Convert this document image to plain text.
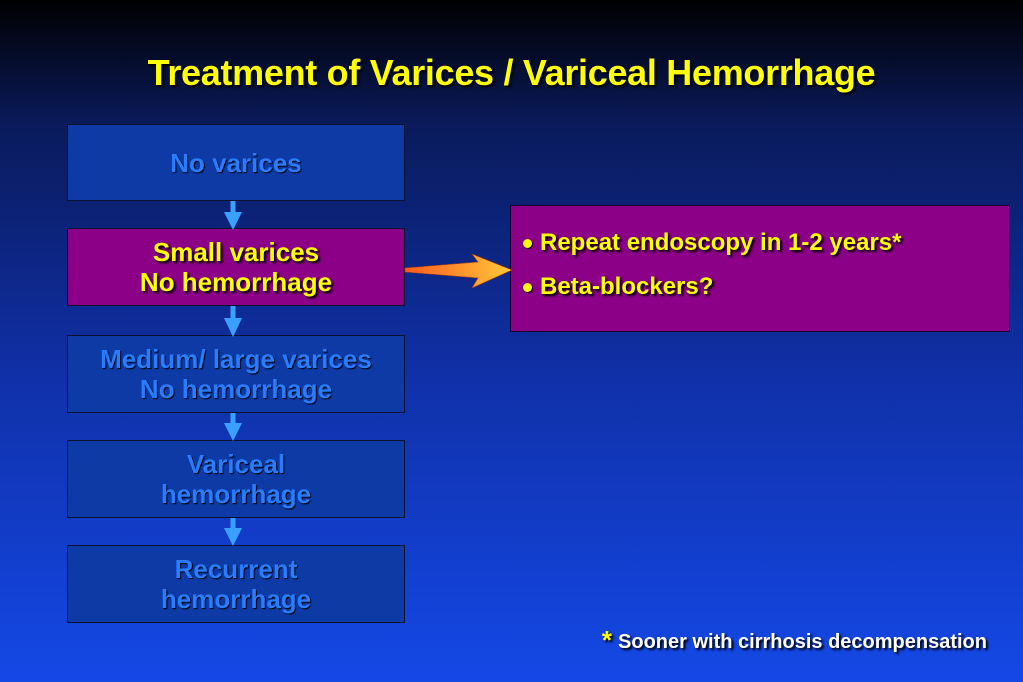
Treatment of Varices / Variceal Hemorrhage
No varices
Small varices
No hemorrhage
Medium/ large varices
No hemorrhage
Variceal
hemorrhage
Recurrent
hemorrhage
Repeat endoscopy in 1-2 years*
Beta-blockers?
* Sooner with cirrhosis decompensation
